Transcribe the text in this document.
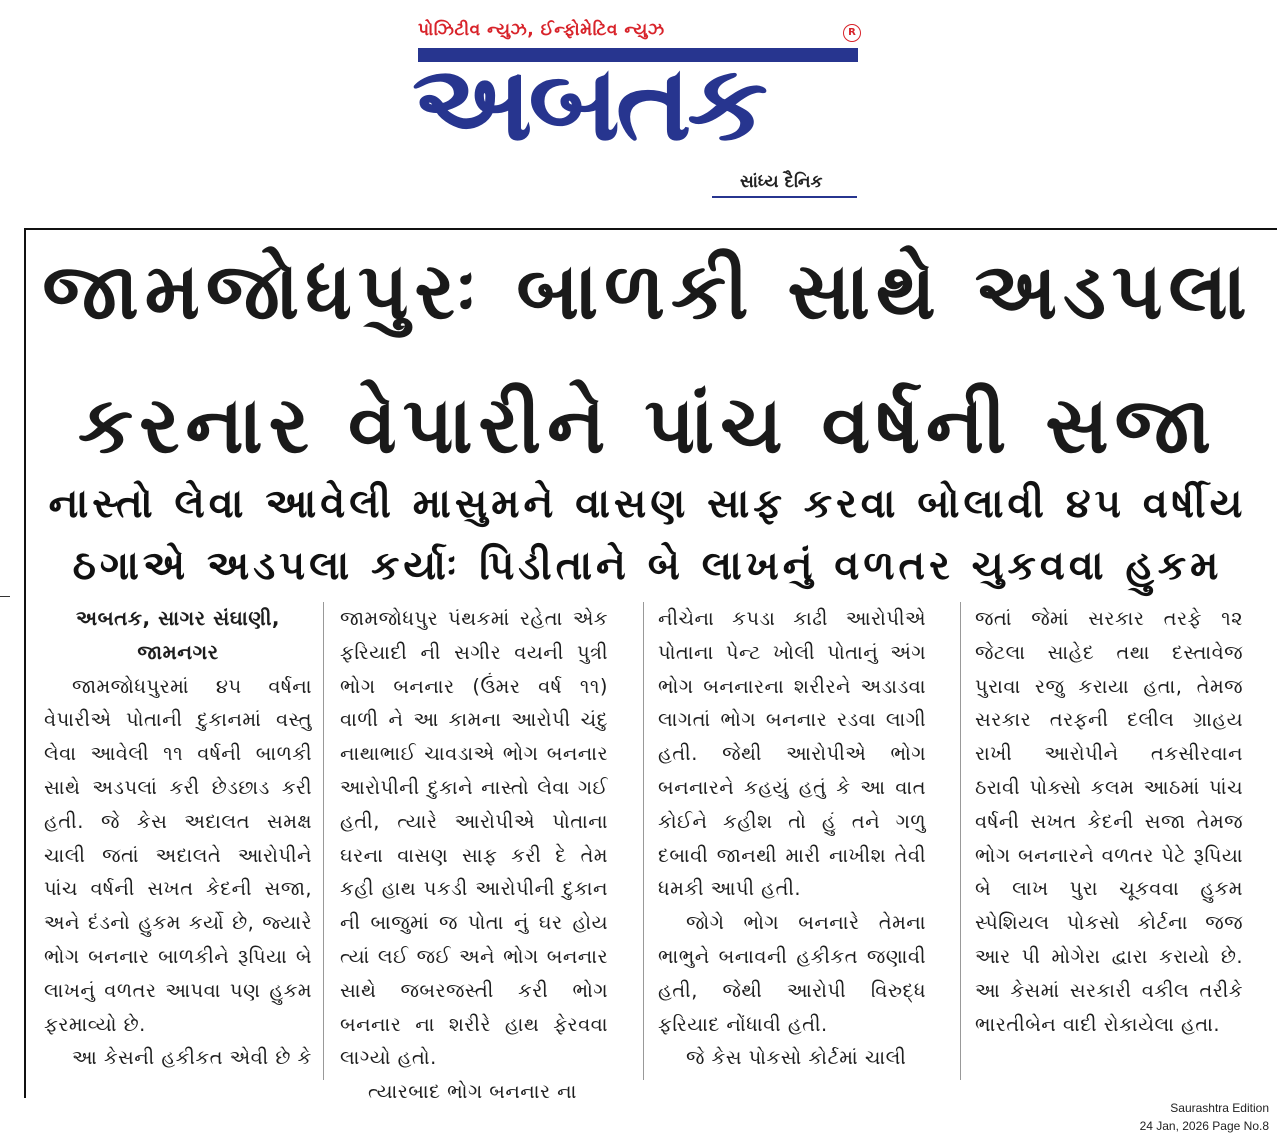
પોઝિટીવ ન્યુઝ, ઈન્ફોમેટિવ ન્યુઝ	R
અબતક
સાંધ્ય દૈનિક
જામજોધપુરઃ બાળકી સાથે અડપલા
કરનાર વેપારીને પાંચ વર્ષની સજા
નાસ્તો લેવા આવેલી માસુમને વાસણ સાફ કરવા બોલાવી ૪૫ વર્ષીય
ઠગાએ અડપલા કર્યાઃ પિડીતાને બે લાખનું વળતર ચુકવવા હુકમ

અબતક, સાગર સંઘાણી,

જામનગર

જામજોધપુરમાં ૪૫ વર્ષના વેપારીએ પોતાની દુકાનમાં વસ્તુ લેવા આવેલી ૧૧ વર્ષની બાળકી સાથે અડપલાં કરી છેડછાડ કરી હતી. જે કેસ અદાલત સમક્ષ ચાલી જતાં અદાલતે આરોપીને પાંચ વર્ષની સખત કેદની સજા, અને દંડનો હુકમ કર્યો છે, જ્યારે ભોગ બનનાર બાળકીને રૂપિયા બે લાખનું વળતર આપવા પણ હુકમ ફરમાવ્યો છે.

આ કેસની હકીકત એવી છે કે

જામજોધપુર પંથકમાં રહેતા એક ફરિયાદી ની સગીર વયની પુત્રી ભોગ બનનાર (ઉંમર વર્ષ ૧૧) વાળી ને આ કામના આરોપી ચંદુ નાથાભાઈ ચાવડાએ ભોગ બનનાર આરોપીની દુકાને નાસ્તો લેવા ગઈ હતી, ત્યારે આરોપીએ પોતાના ઘરના વાસણ સાફ કરી દે તેમ કહી હાથ પકડી આરોપીની દુકાન ની બાજુમાં જ પોતા નું ઘર હોય ત્યાં લઈ જઈ અને ભોગ બનનાર સાથે જબરજસ્તી કરી ભોગ બનનાર ના શરીરે હાથ ફેરવવા લાગ્યો હતો.

ત્યારબાદ ભોગ બનનાર ના

નીચેના કપડા કાઢી આરોપીએ પોતાના પેન્ટ ખોલી પોતાનું અંગ ભોગ બનનારના શરીરને અડાડવા લાગતાં ભોગ બનનાર રડવા લાગી હતી. જેથી આરોપીએ ભોગ બનનારને કહયું હતું કે આ વાત કોઈને કહીશ તો હું તને ગળુ દબાવી જાનથી મારી નાખીશ તેવી ધમકી આપી હતી.

જોગે ભોગ બનનારે તેમના ભાભુને બનાવની હકીકત જણાવી હતી, જેથી આરોપી વિરુદ્ધ ફરિયાદ નોંધાવી હતી.

જે કેસ પોકસો કોર્ટમાં ચાલી

જતાં જેમાં સરકાર તરફે ૧૨ જેટલા સાહેદ તથા દસ્તાવેજ પુરાવા રજુ કરાયા હતા, તેમજ સરકાર તરફની દલીલ ગ્રાહય રાખી આરોપીને તકસીરવાન ઠરાવી પોક્સો કલમ આઠમાં પાંચ વર્ષની સખત કેદની સજા તેમજ ભોગ બનનારને વળતર પેટે રૂપિયા બે લાખ પુરા ચૂકવવા હુકમ સ્પેશિયલ પોકસો કોર્ટના જજ આર પી મોગેરા દ્વારા કરાયો છે. આ કેસમાં સરકારી વકીલ તરીકે ભારતીબેન વાદી રોકાયેલા હતા.

Saurashtra Edition
24 Jan, 2026 Page No.8
